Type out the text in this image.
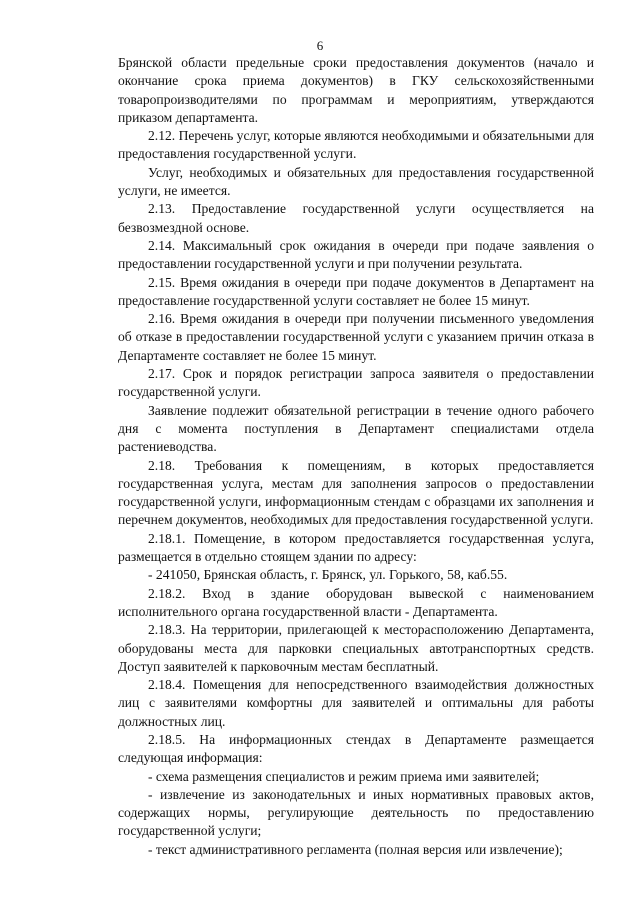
6

Брянской области предельные сроки предоставления документов (начало и окончание срока приема документов) в ГКУ сельскохозяйственными товаропроизводителями по программам и мероприятиям, утверждаются приказом департамента.

2.12. Перечень услуг, которые являются необходимыми и обязательными для предоставления государственной услуги.

Услуг, необходимых и обязательных для предоставления государственной услуги, не имеется.

2.13. Предоставление государственной услуги осуществляется на безвозмездной основе.

2.14. Максимальный срок ожидания в очереди при подаче заявления о предоставлении государственной услуги и при получении результата.

2.15. Время ожидания в очереди при подаче документов в Департамент на предоставление государственной услуги составляет не более 15 минут.

2.16. Время ожидания в очереди при получении письменного уведомления об отказе в предоставлении государственной услуги с указанием причин отказа в Департаменте составляет не более 15 минут.

2.17. Срок и порядок регистрации запроса заявителя о предоставлении государственной услуги.

Заявление подлежит обязательной регистрации в течение одного рабочего дня с момента поступления в Департамент специалистами отдела растениеводства.

2.18. Требования к помещениям, в которых предоставляется государственная услуга, местам для заполнения запросов о предоставлении государственной услуги, информационным стендам с образцами их заполнения и перечнем документов, необходимых для предоставления государственной услуги.

2.18.1. Помещение, в котором предоставляется государственная услуга, размещается в отдельно стоящем здании по адресу:

- 241050, Брянская область, г. Брянск, ул. Горького, 58, каб.55.

2.18.2. Вход в здание оборудован вывеской с наименованием исполнительного органа государственной власти - Департамента.

2.18.3. На территории, прилегающей к месторасположению Департамента, оборудованы места для парковки специальных автотранспортных средств. Доступ заявителей к парковочным местам бесплатный.

2.18.4. Помещения для непосредственного взаимодействия должностных лиц с заявителями комфортны для заявителей и оптимальны для работы должностных лиц.

2.18.5. На информационных стендах в Департаменте размещается следующая информация:

- схема размещения специалистов и режим приема ими заявителей;

- извлечение из законодательных и иных нормативных правовых актов, содержащих нормы, регулирующие деятельность по предоставлению государственной услуги;

- текст административного регламента (полная версия или извлечение);
